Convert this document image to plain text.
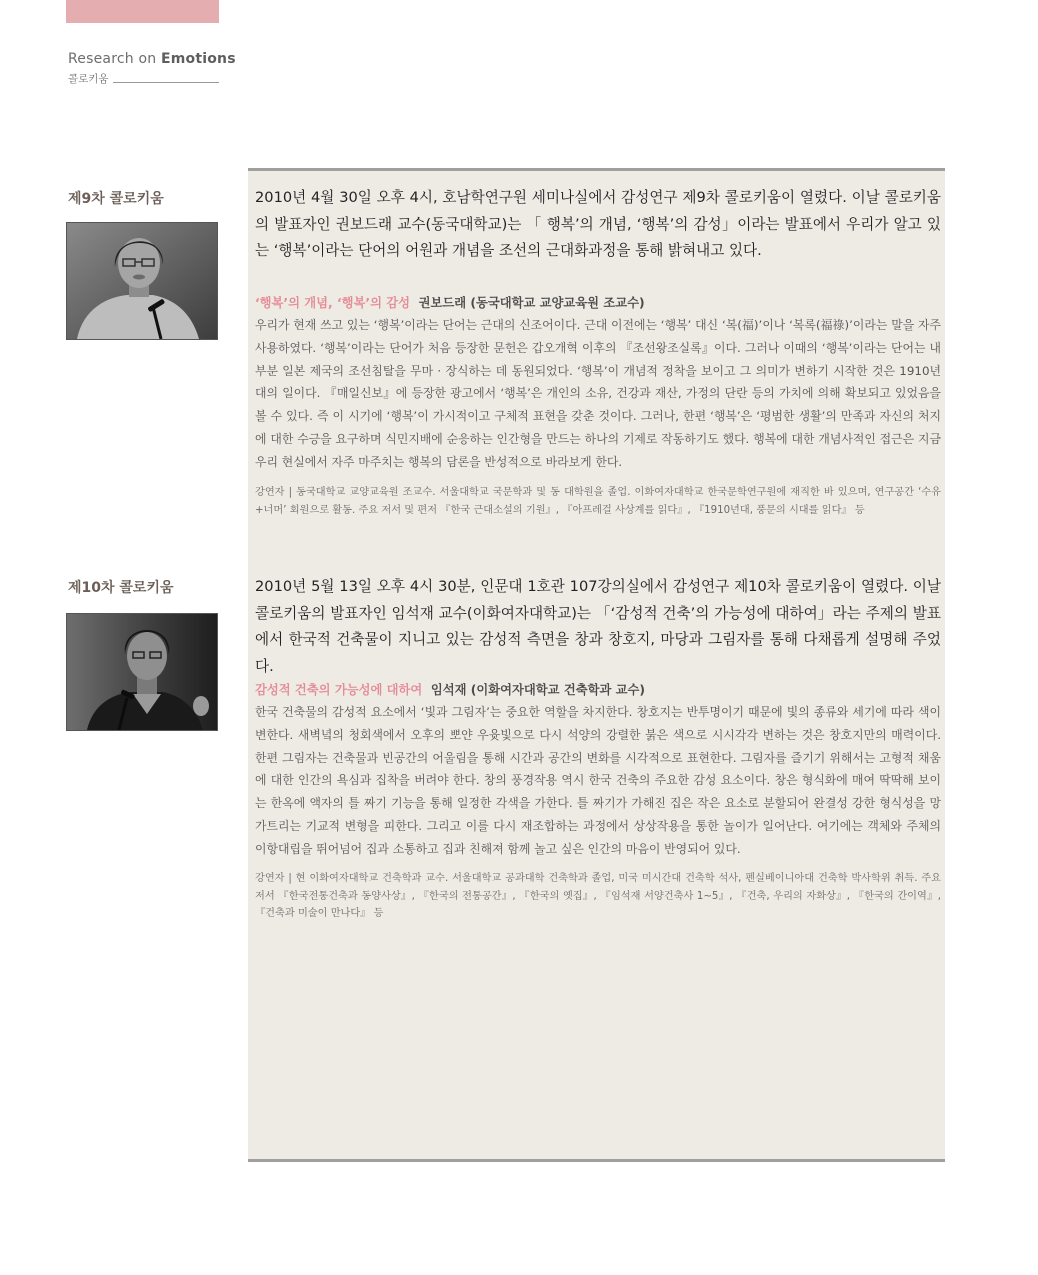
Research on Emotions
콜로키움
제9차 콜로키움	2010년 4월 30일 오후 4시, 호남학연구원 세미나실에서 감성연구 제9차 콜로키움이 열렸다. 이날 콜로키움의 발표자인 권보드래 교수(동국대학교)는 「 행복’의 개념, ‘행복’의 감성」이라는 발표에서 우리가 알고 있는 ‘행복’이라는 단어의 어원과 개념을 조선의 근대화과정을 통해 밝혀내고 있다.
‘행복’의 개념, ‘행복’의 감성 권보드래 (동국대학교 교양교육원 조교수)
우리가 현재 쓰고 있는 ‘행복’이라는 단어는 근대의 신조어이다. 근대 이전에는 ‘행복’ 대신 ‘복(福)’이나 ‘복록(福祿)’이라는 말을 자주 사용하였다. ‘행복’이라는 단어가 처음 등장한 문헌은 갑오개혁 이후의 『조선왕조실록』이다. 그러나 이때의 ‘행복’이라는 단어는 내부분 일본 제국의 조선침탈을 무마 · 장식하는 데 동원되었다. ‘행복’이 개념적 정착을 보이고 그 의미가 변하기 시작한 것은 1910년대의 일이다. 『매일신보』에 등장한 광고에서 ‘행복’은 개인의 소유, 건강과 재산, 가정의 단란 등의 가치에 의해 확보되고 있었음을 볼 수 있다. 즉 이 시기에 ‘행복’이 가시적이고 구체적 표현을 갖춘 것이다. 그러나, 한편 ‘행복’은 ‘평범한 생활’의 만족과 자신의 처지에 대한 수긍을 요구하며 식민지배에 순응하는 인간형을 만드는 하나의 기제로 작동하기도 했다. 행복에 대한 개념사적인 접근은 지금 우리 현실에서 자주 마주치는 행복의 담론을 반성적으로 바라보게 한다.
강연자 | 동국대학교 교양교육원 조교수. 서울대학교 국문학과 및 동 대학원을 졸업. 이화여자대학교 한국문학연구원에 재직한 바 있으며, 연구공간 ‘수유+너머’ 회원으로 활동. 주요 저서 및 편저 『한국 근대소설의 기원』, 『아프레걸 사상계를 읽다』, 『1910년대, 풍문의 시대를 읽다』 등
제10차 콜로키움	2010년 5월 13일 오후 4시 30분, 인문대 1호관 107강의실에서 감성연구 제10차 콜로키움이 열렸다. 이날 콜로키움의 발표자인 임석재 교수(이화여자대학교)는 「‘감성적 건축’의 가능성에 대하여」라는 주제의 발표에서 한국적 건축물이 지니고 있는 감성적 측면을 창과 창호지, 마당과 그림자를 통해 다채롭게 설명해 주었다.
감성적 건축의 가능성에 대하여 임석재 (이화여자대학교 건축학과 교수)
한국 건축물의 감성적 요소에서 ‘빛과 그림자’는 중요한 역할을 차지한다. 창호지는 반투명이기 때문에 빛의 종류와 세기에 따라 색이 변한다. 새벽녘의 청회색에서 오후의 뽀얀 우윳빛으로 다시 석양의 강렬한 붉은 색으로 시시각각 변하는 것은 창호지만의 매력이다. 한편 그림자는 건축물과 빈공간의 어울림을 통해 시간과 공간의 변화를 시각적으로 표현한다. 그림자를 즐기기 위해서는 고형적 채움에 대한 인간의 욕심과 집착을 버려야 한다. 창의 풍경작용 역시 한국 건축의 주요한 감성 요소이다. 창은 형식화에 매여 딱딱해 보이는 한옥에 액자의 틀 짜기 기능을 통해 일정한 각색을 가한다. 틀 짜기가 가해진 집은 작은 요소로 분할되어 완결성 강한 형식성을 망가트리는 기교적 변형을 피한다. 그리고 이를 다시 재조합하는 과정에서 상상작용을 통한 놀이가 일어난다. 여기에는 객체와 주체의 이항대립을 뛰어넘어 집과 소통하고 집과 친해져 함께 놀고 싶은 인간의 마음이 반영되어 있다.
강연자 | 현 이화여자대학교 건축학과 교수. 서울대학교 공과대학 건축학과 졸업, 미국 미시간대 건축학 석사, 펜실베이니아대 건축학 박사학위 취득. 주요 저서 『한국전통건축과 동양사상』, 『한국의 전통공간』, 『한국의 옛집』, 『임석재 서양건축사 1~5』, 『건축, 우리의 자화상』, 『한국의 간이역』, 『건축과 미술이 만나다』 등
